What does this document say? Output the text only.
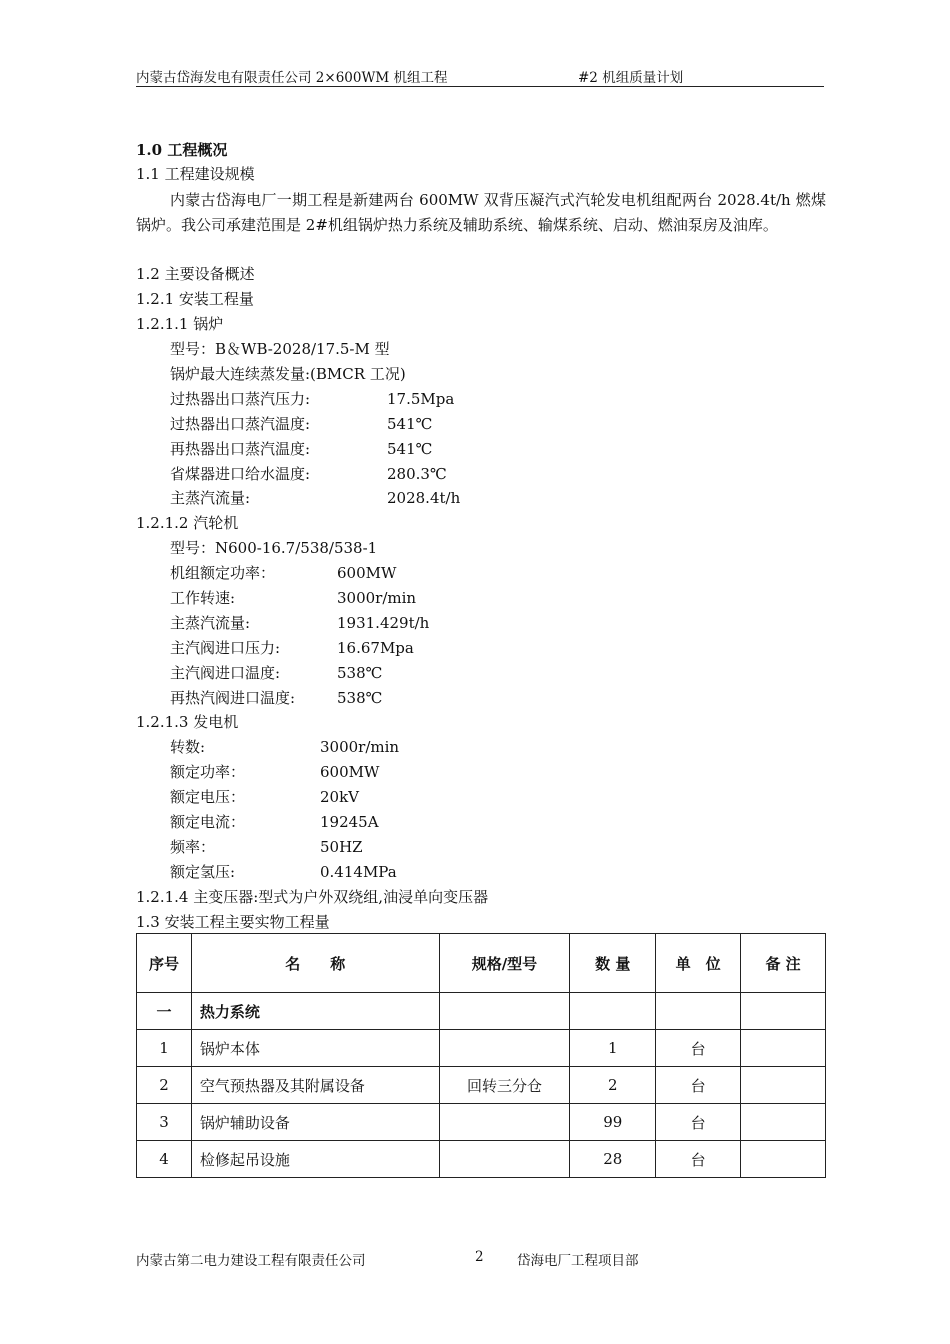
内蒙古岱海发电有限责任公司 2×600WM 机组工程	#2 机组质量计划
1.0 工程概况
1.1 工程建设规模
内蒙古岱海电厂一期工程是新建两台 600MW 双背压凝汽式汽轮发电机组配两台 2028.4t/h 燃煤锅炉。我公司承建范围是 2#机组锅炉热力系统及辅助系统、输煤系统、启动、燃油泵房及油库。
1.2 主要设备概述
1.2.1 安装工程量
1.2.1.1 锅炉
型号：B＆WB-2028/17.5-M 型
锅炉最大连续蒸发量:(BMCR 工况)
过热器出口蒸汽压力:	17.5Mpa
过热器出口蒸汽温度:	541℃
再热器出口蒸汽温度:	541℃
省煤器进口给水温度:	280.3℃
主蒸汽流量:	2028.4t/h
1.2.1.2 汽轮机
型号：N600-16.7/538/538-1
机组额定功率：	600MW
工作转速:	3000r/min
主蒸汽流量:	1931.429t/h
主汽阀进口压力:	16.67Mpa
主汽阀进口温度:	538℃
再热汽阀进口温度:	538℃
1.2.1.3 发电机
转数:	3000r/min
额定功率：	600MW
额定电压：	20kV
额定电流：	19245A
频率：	50HZ
额定氢压:	0.414MPa
1.2.1.4 主变压器:型式为户外双绕组,油浸单向变压器
1.3 安装工程主要实物工程量
序号	名　　称	规格/型号	数 量	单　位	备 注
一	热力系统				
1	锅炉本体		1	台	
2	空气预热器及其附属设备	回转三分仓	2	台	
3	锅炉辅助设备		99	台	
4	检修起吊设施		28	台	
内蒙古第二电力建设工程有限责任公司	2 岱海电厂工程项目部
